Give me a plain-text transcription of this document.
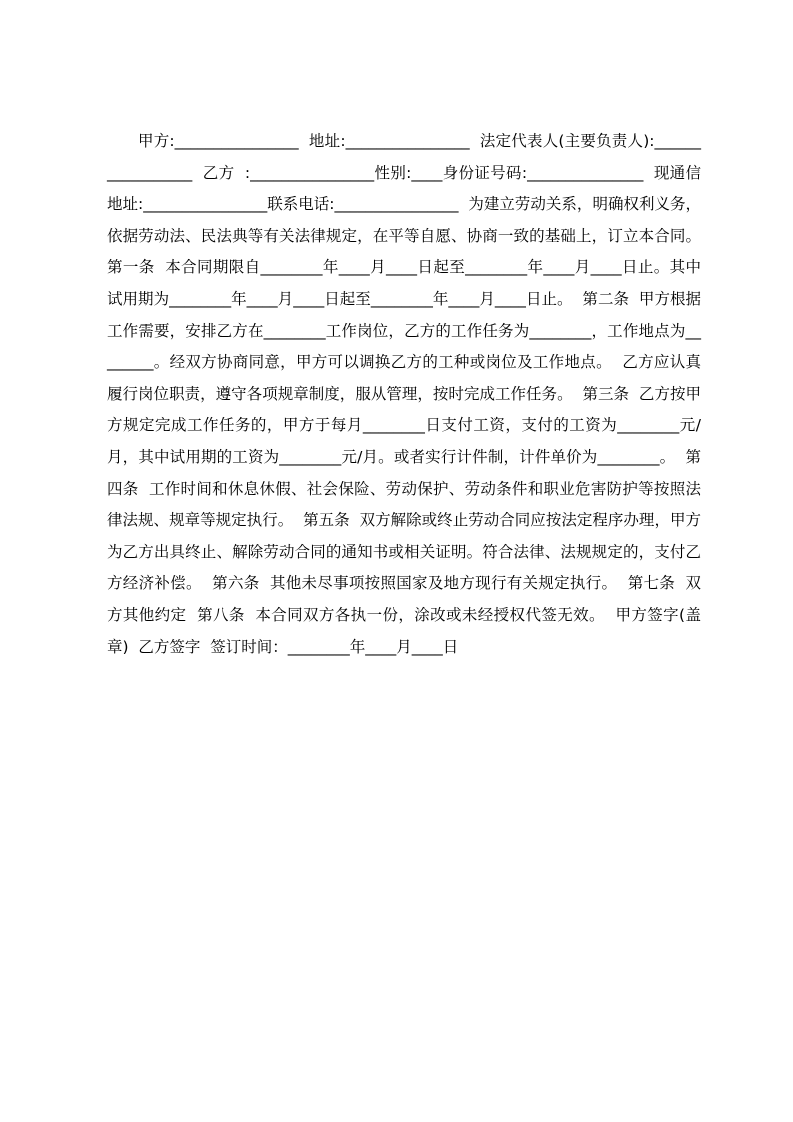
甲方:________________  地址:________________  法定代表人(主要负责人):_________________  乙方  :________________性别:____身份证号码:_______________  现通信地址:________________联系电话:________________  为建立劳动关系，明确权利义务，依据劳动法、民法典等有关法律规定，在平等自愿、协商一致的基础上，订立本合同。  第一条  本合同期限自________年____月____日起至________年____月____日止。其中试用期为________年____月____日起至________年____月____日止。  第二条  甲方根据工作需要，安排乙方在________工作岗位，乙方的工作任务为________，工作地点为________。经双方协商同意，甲方可以调换乙方的工种或岗位及工作地点。  乙方应认真履行岗位职责，遵守各项规章制度，服从管理，按时完成工作任务。  第三条  乙方按甲方规定完成工作任务的，甲方于每月________日支付工资，支付的工资为________元/月，其中试用期的工资为________元/月。或者实行计件制，计件单价为________。  第四条  工作时间和休息休假、社会保险、劳动保护、劳动条件和职业危害防护等按照法律法规、规章等规定执行。  第五条  双方解除或终止劳动合同应按法定程序办理，甲方为乙方出具终止、解除劳动合同的通知书或相关证明。符合法律、法规规定的，支付乙方经济补偿。  第六条  其他未尽事项按照国家及地方现行有关规定执行。  第七条  双方其他约定  第八条  本合同双方各执一份，涂改或未经授权代签无效。  甲方签字(盖章)  乙方签字  签订时间：________年____月____日
